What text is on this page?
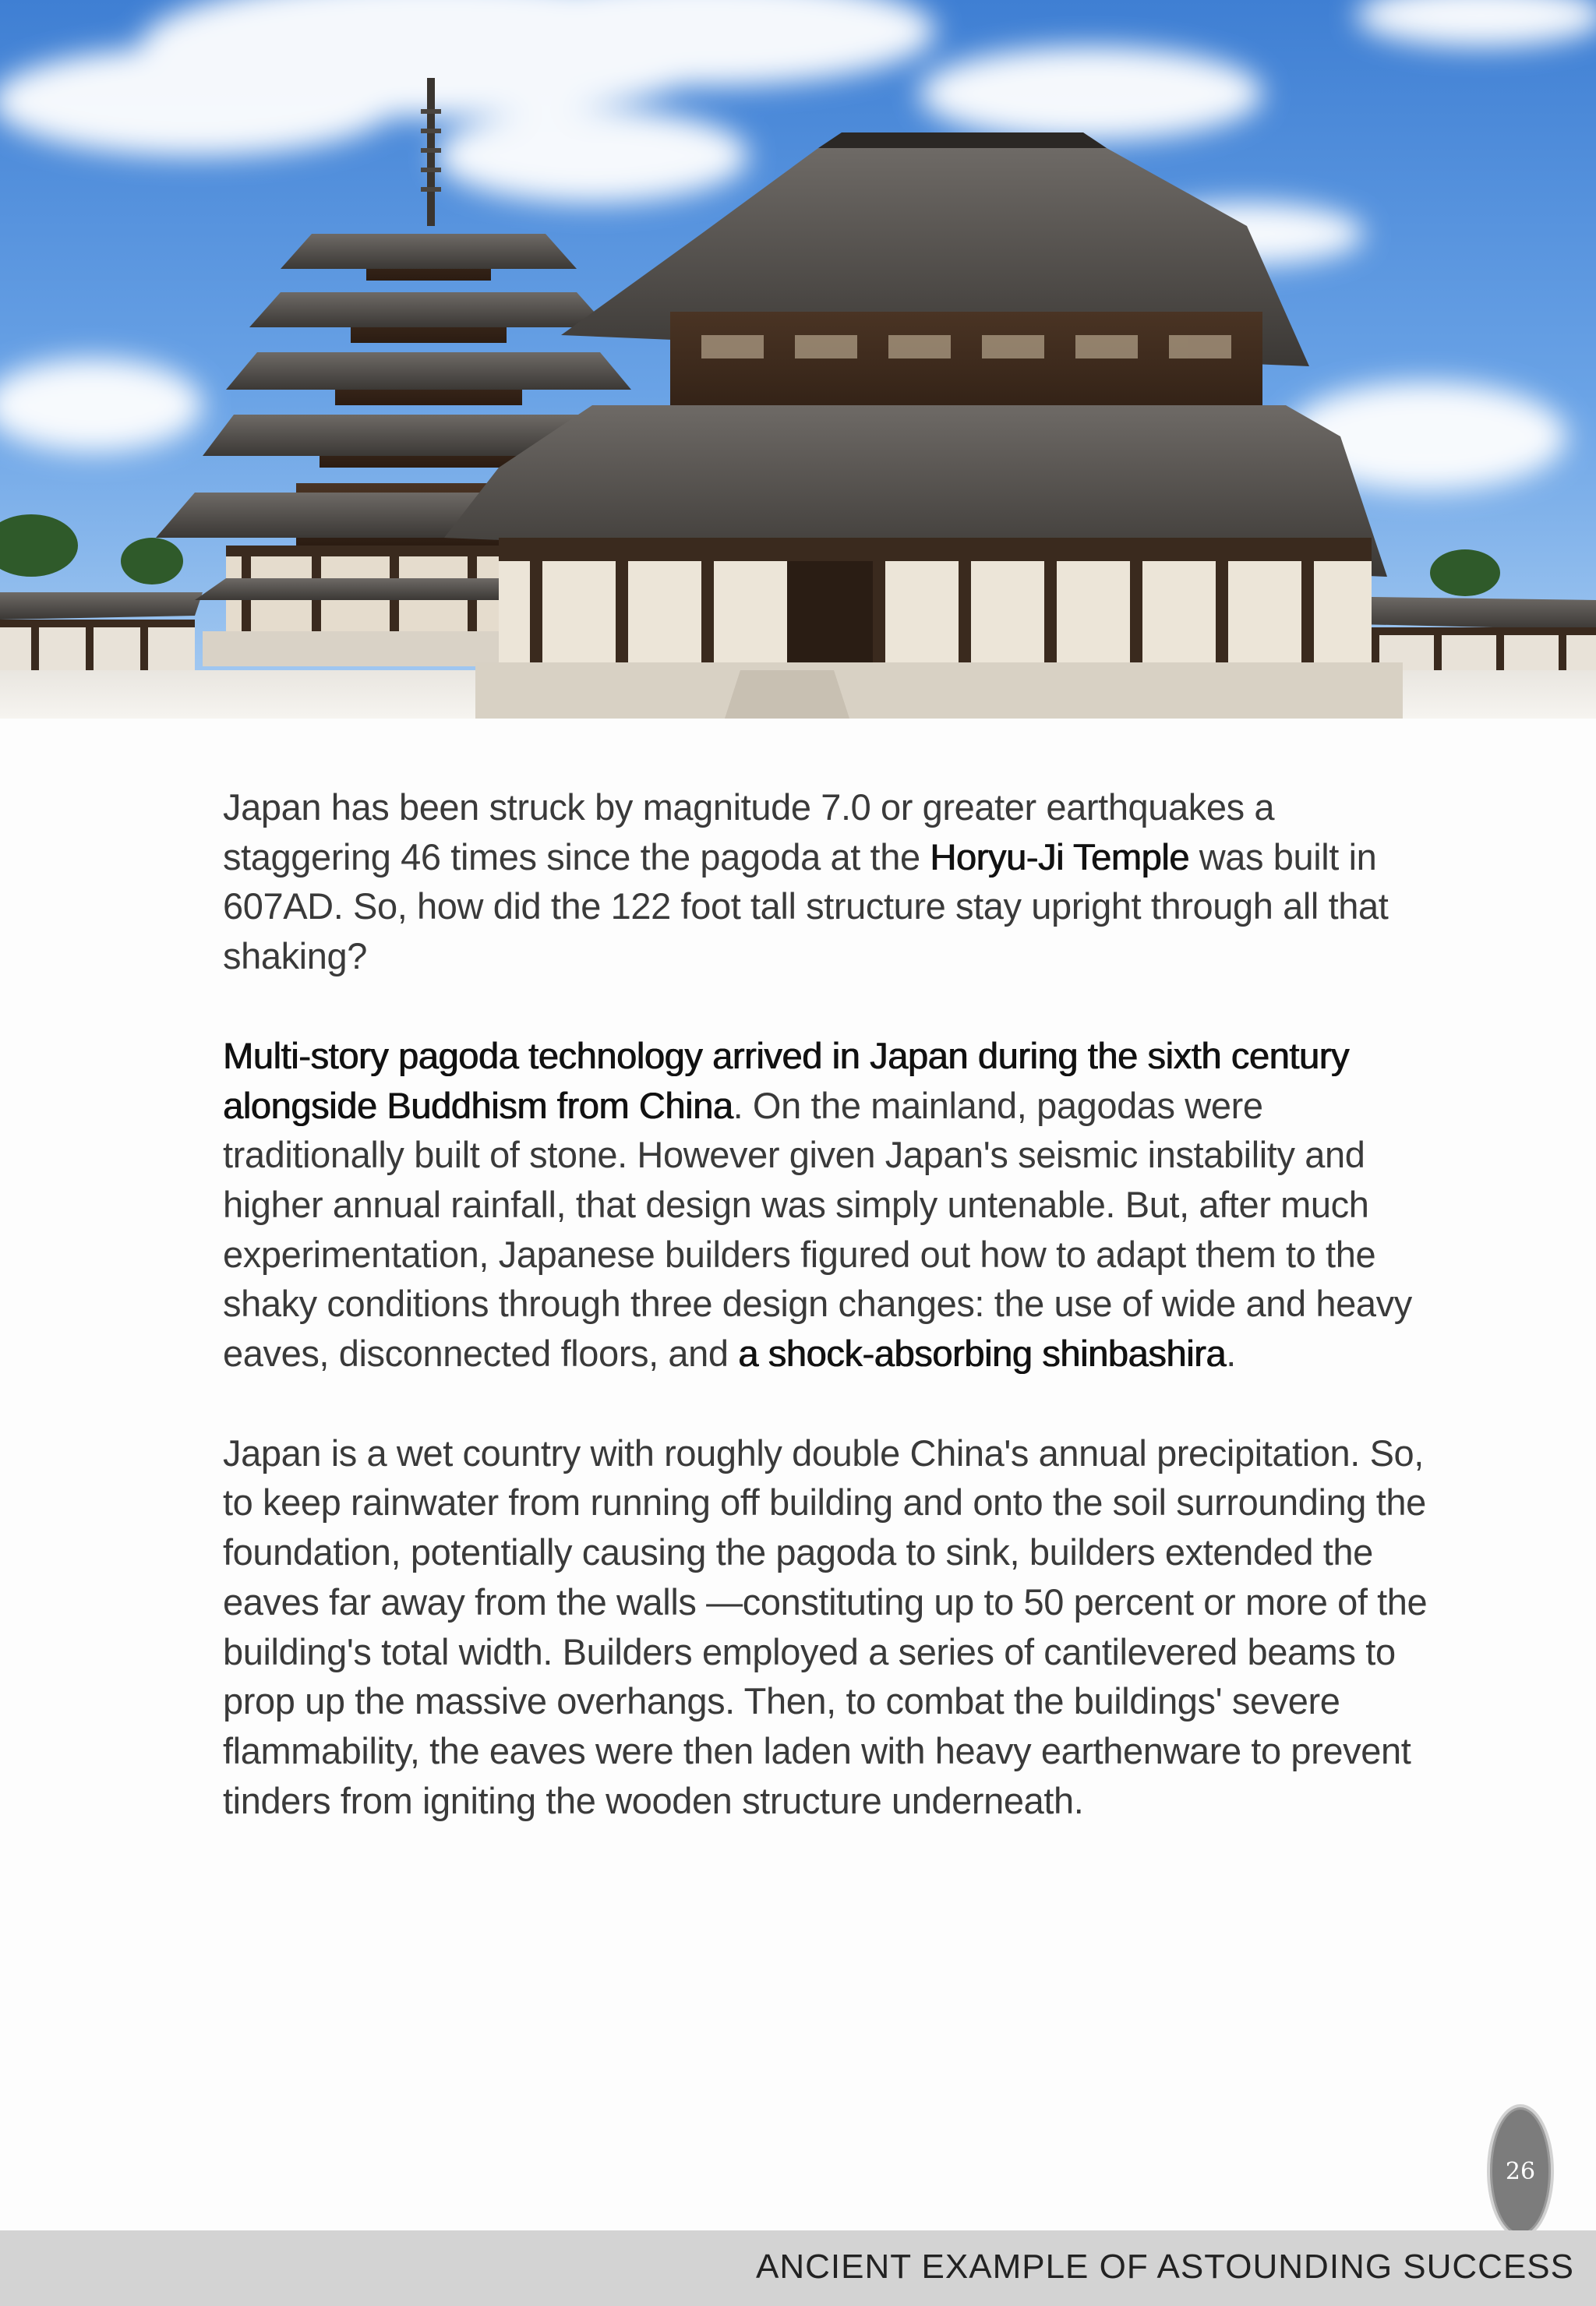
Japan has been struck by magnitude 7.0 or greater earthquakes a staggering 46 times since the pagoda at the Horyu-Ji Temple was built in 607AD. So, how did the 122 foot tall structure stay upright through all that shaking?

Multi-story pagoda technology arrived in Japan during the sixth century alongside Buddhism from China. On the mainland, pagodas were traditionally built of stone. However given Japan's seismic instability and higher annual rainfall, that design was simply untenable. But, after much experimentation, Japanese builders figured out how to adapt them to the shaky conditions through three design changes: the use of wide and heavy eaves, disconnected floors, and a shock-absorbing shinbashira.

Japan is a wet country with roughly double China's annual precipitation. So, to keep rainwater from running off building and onto the soil surrounding the foundation, potentially causing the pagoda to sink, builders extended the eaves far away from the walls —constituting up to 50 percent or more of the building's total width. Builders employed a series of cantilevered beams to prop up the massive overhangs. Then, to combat the buildings' severe flammability, the eaves were then laden with heavy earthenware to prevent tinders from igniting the wooden structure underneath.

26
ANCIENT EXAMPLE OF ASTOUNDING SUCCESS
